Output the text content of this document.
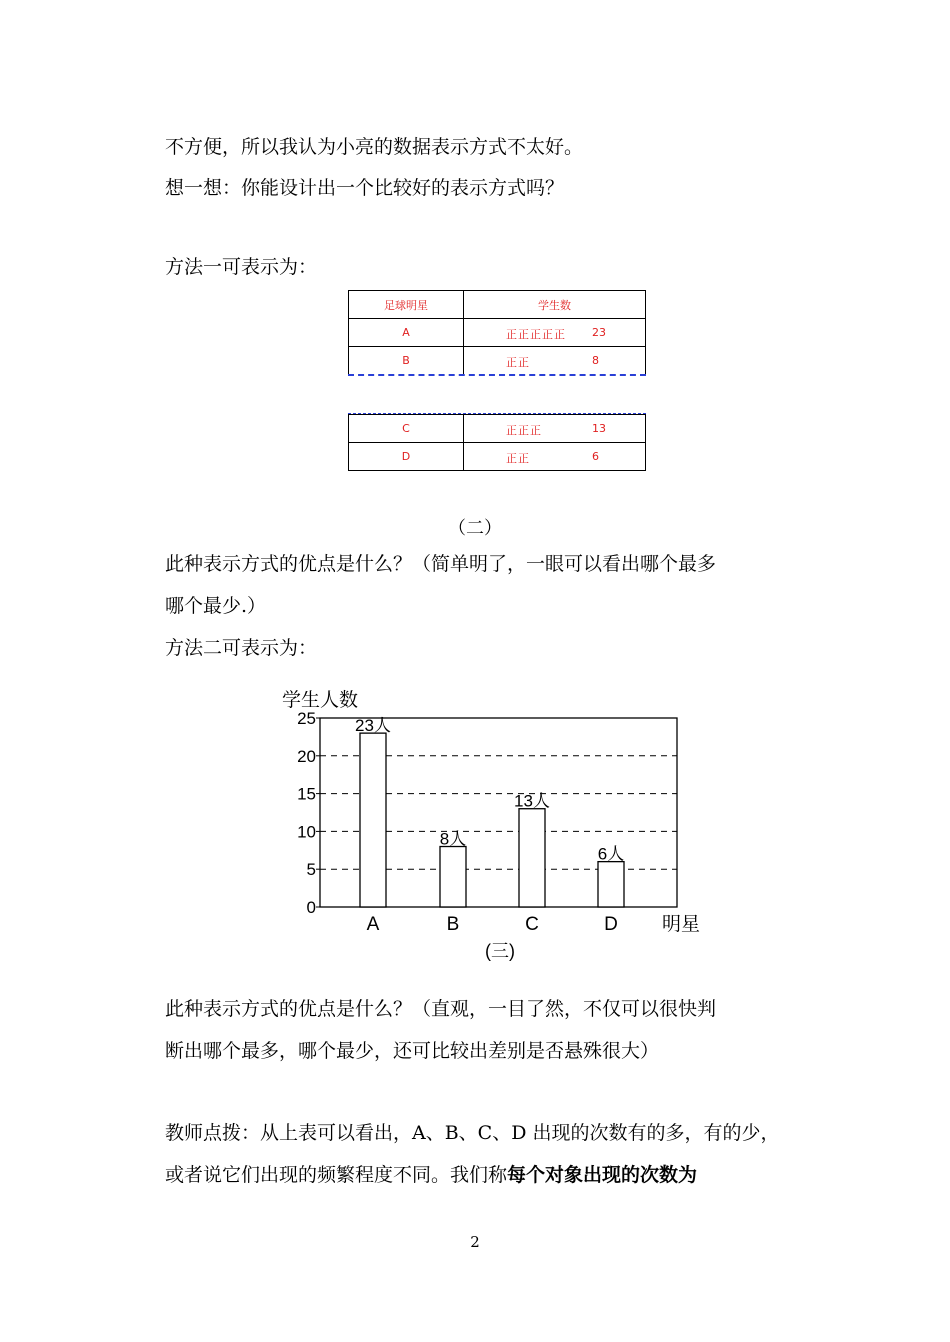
不方便，所以我认为小亮的数据表示方式不太好。
想一想：你能设计出一个比较好的表示方式吗？
方法一可表示为：
足球明星	学生数
A	正正正正正 23

B	正正 8
C	正正正 13

D	正正 6
（二）
此种表示方式的优点是什么？（简单明了，一眼可以看出哪个最多
哪个最少.）
方法二可表示为：
0
5
10
15
20
25
学生人数
23人
A
8人
B
13人
C
6人
D 明星
(三)
此种表示方式的优点是什么？（直观，一目了然，不仅可以很快判
断出哪个最多，哪个最少，还可比较出差别是否悬殊很大）
教师点拨：从上表可以看出，A、B、C、D 出现的次数有的多，有的少，
或者说它们出现的频繁程度不同。我们称每个对象出现的次数为
2
